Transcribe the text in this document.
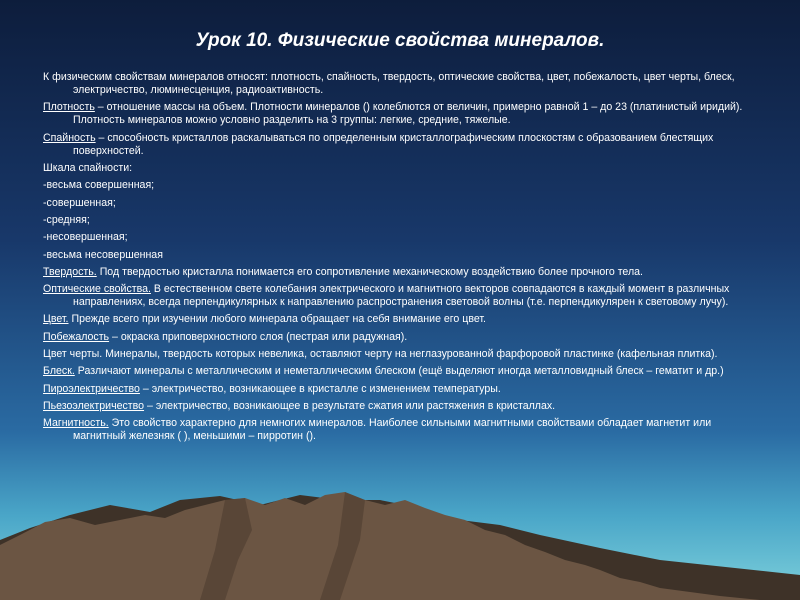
Урок 10. Физические свойства минералов.

К физическим свойствам минералов относят: плотность, спайность, твердость, оптические свойства, цвет, побежалость, цвет черты, блеск, электричество, люминесценция, радиоактивность.

Плотность – отношение массы на объем. Плотности минералов () колеблются от величин, примерно равной 1 – до 23 (платинистый иридий). Плотность минералов можно условно разделить на 3 группы: легкие, средние, тяжелые.

Спайность – способность кристаллов раскалываться по определенным кристаллографическим плоскостям с образованием блестящих поверхностей.

Шкала спайности:

-весьма совершенная;

-совершенная;

-средняя;

-несовершенная;

-весьма несовершенная

Твердость. Под твердостью кристалла понимается его сопротивление механическому воздействию более прочного тела.

Оптические свойства. В естественном свете колебания электрического и магнитного векторов совпадаются в каждый момент в различных направлениях, всегда перпендикулярных к направлению распространения световой волны (т.е. перпендикулярен к световому лучу).

Цвет. Прежде всего при изучении любого минерала обращает на себя внимание его цвет.

Побежалость – окраска приповерхностного слоя (пестрая или радужная).

Цвет черты. Минералы, твердость которых невелика, оставляют черту на неглазурованной фарфоровой пластинке (кафельная плитка).

Блеск. Различают минералы с металлическим и неметаллическим блеском (ещё выделяют иногда металловидный блеск – гематит и др.)

Пироэлектричество – электричество, возникающее в кристалле с изменением температуры.

Пьезоэлектричество – электричество, возникающее в результате сжатия или растяжения в кристаллах.

Магнитность. Это свойство характерно для немногих минералов. Наиболее сильными магнитными свойствами обладает магнетит или магнитный железняк ( ), меньшими – пирротин ().
